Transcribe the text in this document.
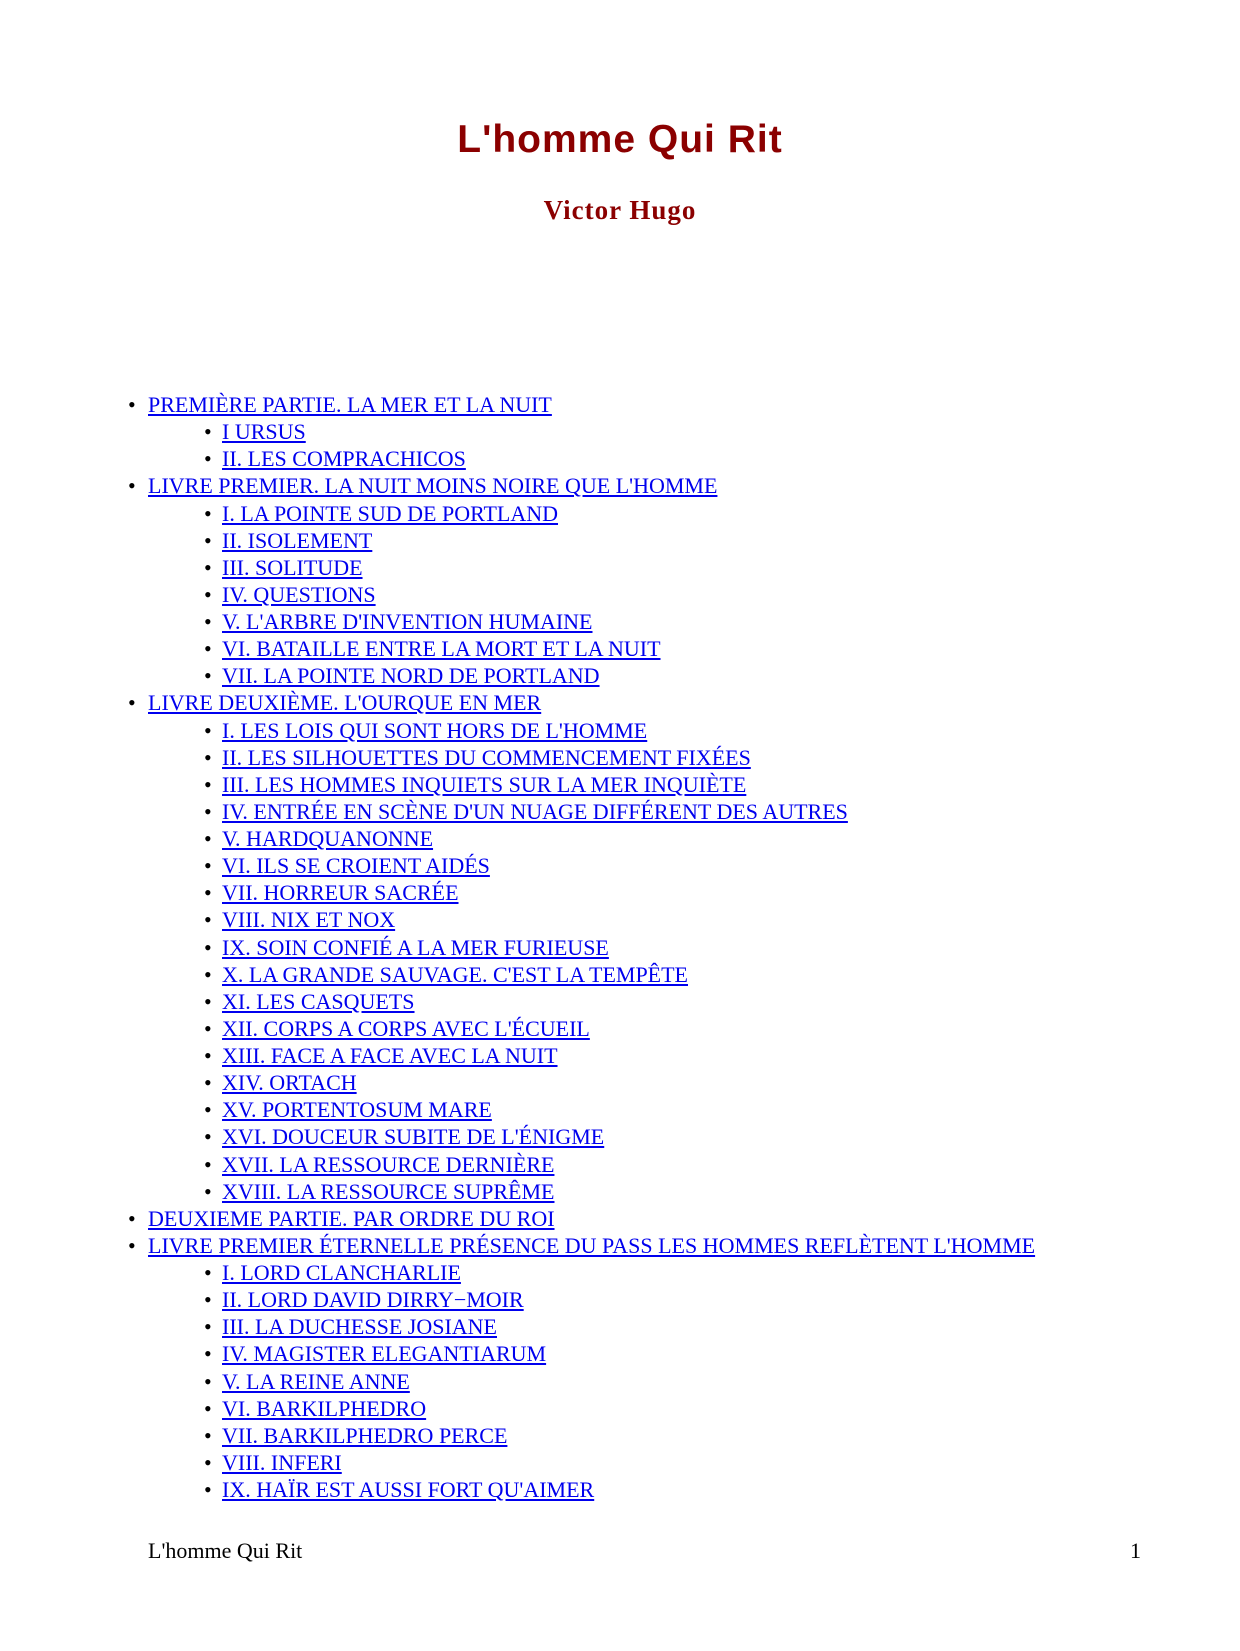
L'homme Qui Rit
Victor Hugo
• PREMIÈRE PARTIE. LA MER ET LA NUIT
• I URSUS
• II. LES COMPRACHICOS
• LIVRE PREMIER. LA NUIT MOINS NOIRE QUE L'HOMME
• I. LA POINTE SUD DE PORTLAND
• II. ISOLEMENT
• III. SOLITUDE
• IV. QUESTIONS
• V. L'ARBRE D'INVENTION HUMAINE
• VI. BATAILLE ENTRE LA MORT ET LA NUIT
• VII. LA POINTE NORD DE PORTLAND
• LIVRE DEUXIÈME. L'OURQUE EN MER
• I. LES LOIS QUI SONT HORS DE L'HOMME
• II. LES SILHOUETTES DU COMMENCEMENT FIXÉES
• III. LES HOMMES INQUIETS SUR LA MER INQUIÈTE
• IV. ENTRÉE EN SCÈNE D'UN NUAGE DIFFÉRENT DES AUTRES
• V. HARDQUANONNE
• VI. ILS SE CROIENT AIDÉS
• VII. HORREUR SACRÉE
• VIII. NIX ET NOX
• IX. SOIN CONFIÉ A LA MER FURIEUSE
• X. LA GRANDE SAUVAGE. C'EST LA TEMPÊTE
• XI. LES CASQUETS
• XII. CORPS A CORPS AVEC L'ÉCUEIL
• XIII. FACE A FACE AVEC LA NUIT
• XIV. ORTACH
• XV. PORTENTOSUM MARE
• XVI. DOUCEUR SUBITE DE L'ÉNIGME
• XVII. LA RESSOURCE DERNIÈRE
• XVIII. LA RESSOURCE SUPRÊME
• DEUXIEME PARTIE. PAR ORDRE DU ROI
• LIVRE PREMIER ÉTERNELLE PRÉSENCE DU PASS LES HOMMES REFLÈTENT L'HOMME
• I. LORD CLANCHARLIE
• II. LORD DAVID DIRRY−MOIR
• III. LA DUCHESSE JOSIANE
• IV. MAGISTER ELEGANTIARUM
• V. LA REINE ANNE
• VI. BARKILPHEDRO
• VII. BARKILPHEDRO PERCE
• VIII. INFERI
• IX. HAÏR EST AUSSI FORT QU'AIMER
L'homme Qui Rit	1
